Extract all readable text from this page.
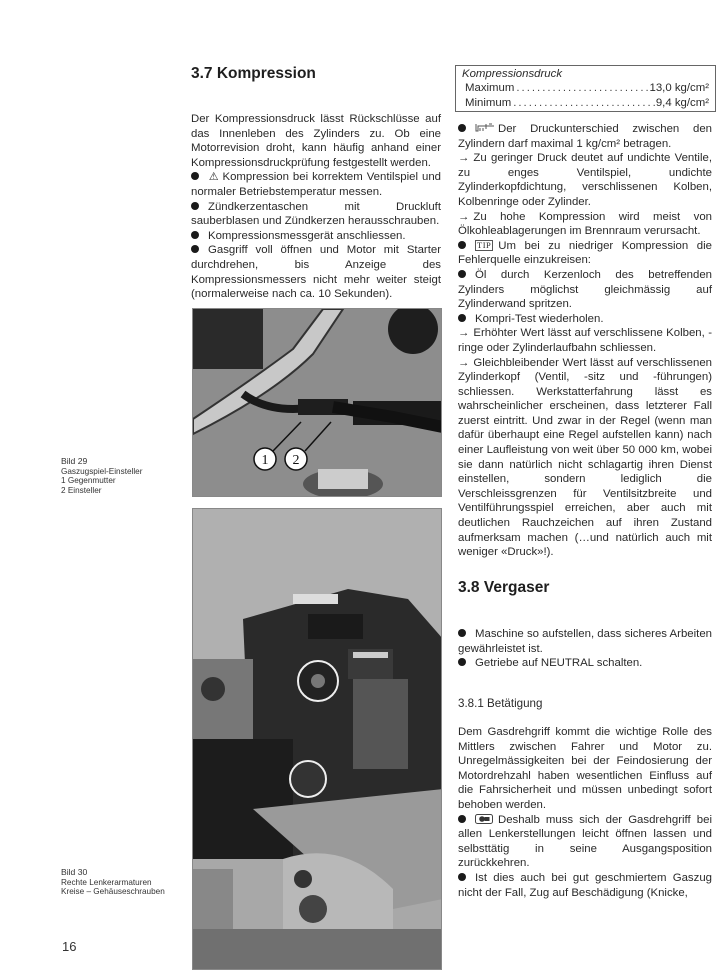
3.7 Kompression

Der Kompressionsdruck lässt Rückschlüsse auf das Innenleben des Zylinders zu. Ob eine Motorrevision droht, kann häufig anhand einer Kompressionsdruckprüfung festgestellt werden.

⚠ Kompression bei korrektem Ventilspiel und normaler Betriebstemperatur messen.

Zündkerzentaschen mit Druckluft sauberblasen und Zündkerzen herausschrauben.

Kompressionsmessgerät anschliessen.

Gasgriff voll öffnen und Motor mit Starter durchdrehen, bis Anzeige des Kompressionsmessers nicht mehr weiter steigt (normalerweise nach ca. 10 Sekunden).

Kompressionsdruck
Maximum .....	13,0 kg/cm²
Minimum .....	9,4 kg/cm²

Der Druckunterschied zwischen den Zylindern darf maximal 1 kg/cm² betragen.

→ Zu geringer Druck deutet auf undichte Ventile, zu enges Ventilspiel, undichte Zylinderkopfdichtung, verschlissenen Kolben, Kolbenringe oder Zylinder.

→ Zu hohe Kompression wird meist von Ölkohleablagerungen im Brennraum verursacht.

TIP Um bei zu niedriger Kompression die Fehlerquelle einzukreisen:

Öl durch Kerzenloch des betreffenden Zylinders möglichst gleichmässig auf Zylinderwand spritzen.

Kompri-Test wiederholen.

→ Erhöhter Wert lässt auf verschlissene Kolben, -ringe oder Zylinderlaufbahn schliessen.

→ Gleichbleibender Wert lässt auf verschlissenen Zylinderkopf (Ventil, -sitz und -führungen) schliessen. Werkstatterfahrung lässt es wahrscheinlicher erscheinen, dass letzterer Fall zuerst eintritt. Und zwar in der Regel (wenn man dafür überhaupt eine Regel aufstellen kann) nach einer Laufleistung von weit über 50 000 km, wobei sie dann natürlich nicht schlagartig ihren Dienst einstellen, sondern lediglich die Verschleissgrenzen für Ventilsitzbreite und Ventilführungsspiel erreichen, aber auch mit deutlichen Rauchzeichen auf ihren Zustand aufmerksam machen (…und natürlich auch mit weniger «Druck»!).

3.8 Vergaser

Maschine so aufstellen, dass sicheres Arbeiten gewährleistet ist.

Getriebe auf NEUTRAL schalten.

3.8.1 Betätigung

Dem Gasdrehgriff kommt die wichtige Rolle des Mittlers zwischen Fahrer und Motor zu. Unregelmässigkeiten bei der Feindosierung der Motordrehzahl haben wesentlichen Einfluss auf die Fahrsicherheit und müssen unbedingt sofort behoben werden.

Deshalb muss sich der Gasdrehgriff bei allen Lenkerstellungen leicht öffnen lassen und selbsttätig in seine Ausgangsposition zurückkehren.

Ist dies auch bei gut geschmiertem Gaszug nicht der Fall, Zug auf Beschädigung (Knicke,

1 2
Bild 29
Gaszugspiel-Einsteller
1 Gegenmutter
2 Einsteller
Bild 30
Rechte Lenkerarmaturen
Kreise – Gehäuseschrauben
16
